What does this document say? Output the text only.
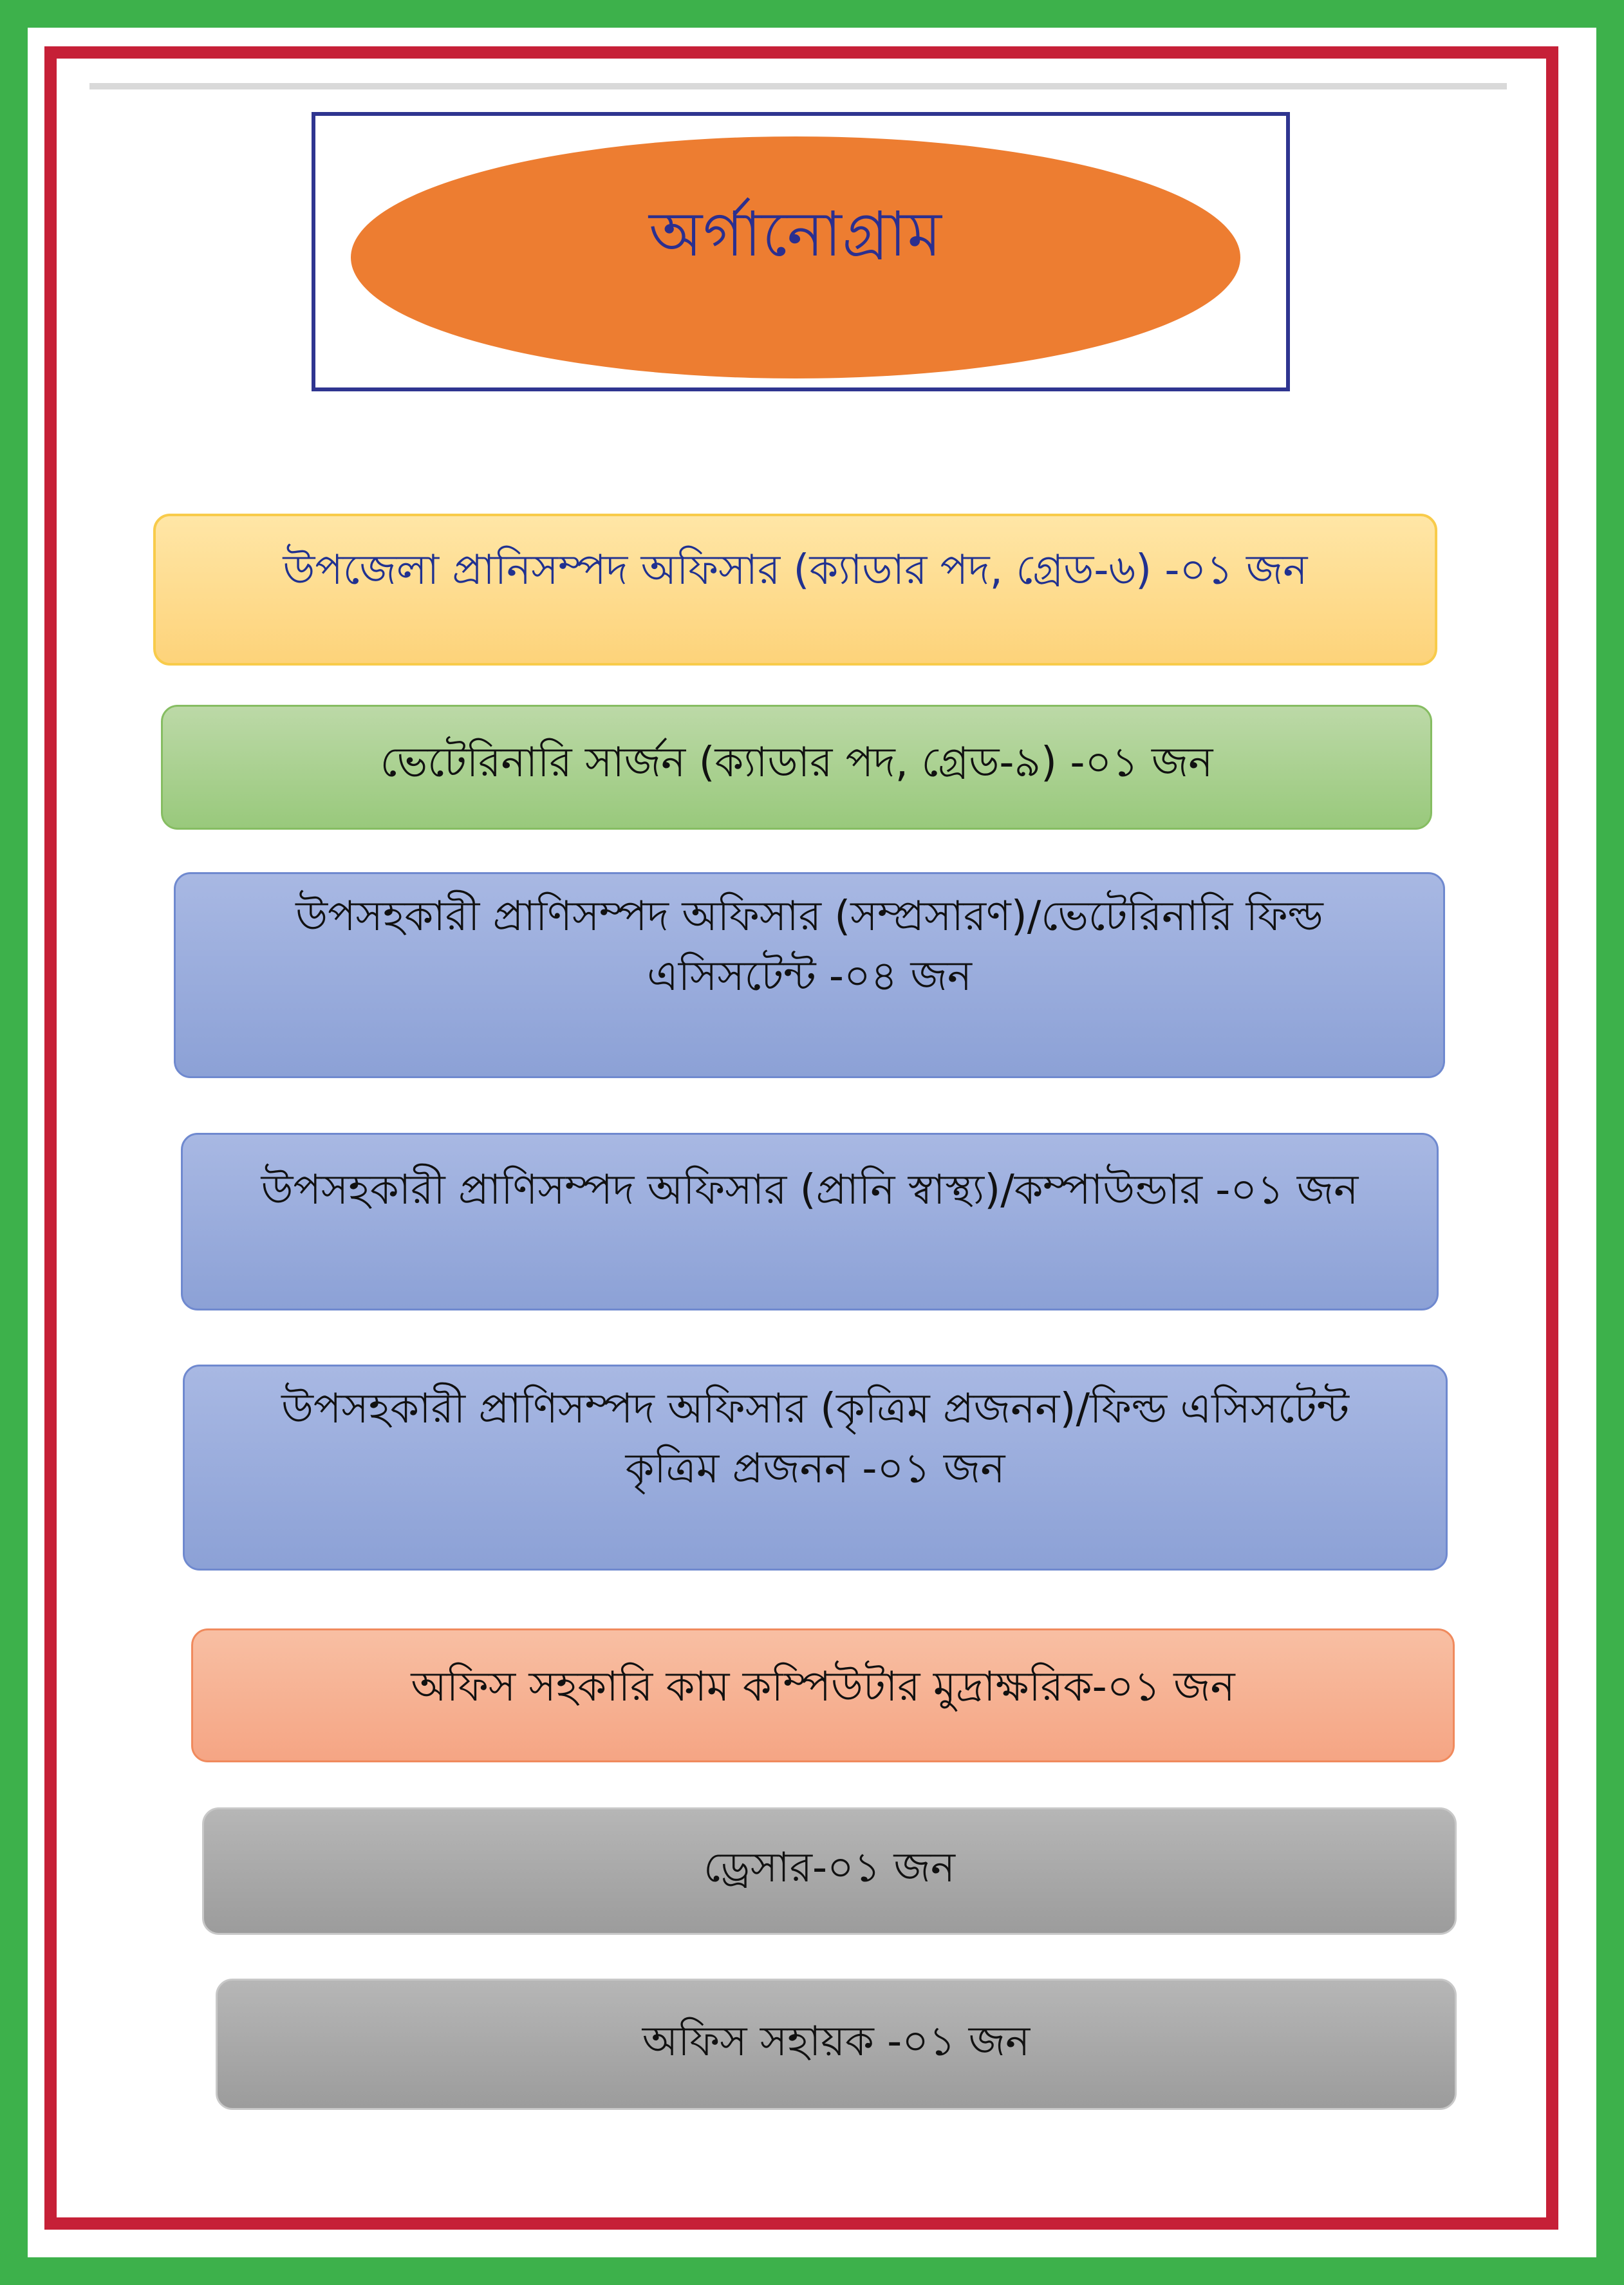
অর্গানোগ্রাম
উপজেলা প্রানিসম্পদ অফিসার (ক্যাডার পদ, গ্রেড-৬) -০১ জন
ভেটেরিনারি সার্জন (ক্যাডার পদ, গ্রেড-৯) -০১ জন
উপসহকারী প্রাণিসম্পদ অফিসার (সম্প্রসারণ)/ভেটেরিনারি ফিল্ড
এসিসটেন্ট -০৪ জন
উপসহকারী প্রাণিসম্পদ অফিসার (প্রানি স্বাস্থ্য)/কম্পাউন্ডার -০১ জন
উপসহকারী প্রাণিসম্পদ অফিসার (কৃত্রিম প্রজনন)/ফিল্ড এসিসটেন্ট
কৃত্রিম প্রজনন -০১ জন
অফিস সহকারি কাম কম্পিউটার মুদ্রাক্ষরিক-০১ জন
ড্রেসার-০১ জন
অফিস সহায়ক -০১ জন
